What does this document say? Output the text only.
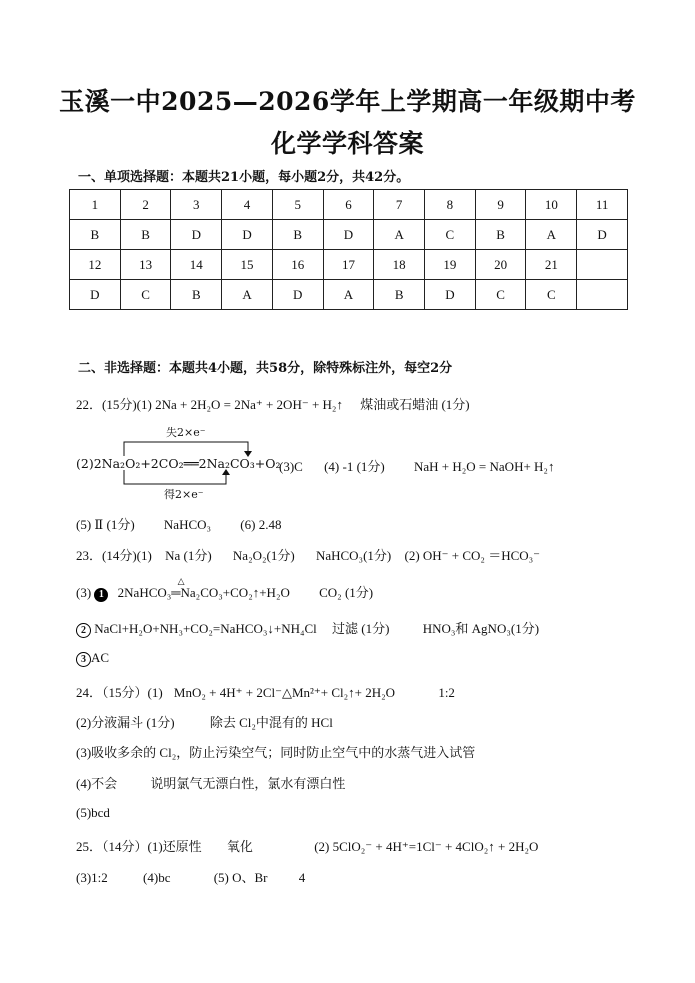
玉溪一中2025—2026学年上学期高一年级期中考
化学学科答案
一、单项选择题：本题共21小题，每小题2分，共42分。
1	2	3	4	5	6	7	8	9	10	11
B	B	D	D	B	D	A	C	B	A	D
12	13	14	15	16	17	18	19	20	21	
D	C	B	A	D	A	B	D	C	C	
二、非选择题：本题共4小题，共58分，除特殊标注外，每空2分
22．(15分)(1) 2Na + 2H₂O = 2Na⁺ + 2OH⁻ + H₂↑ 煤油或石蜡油 (1分)
失2×e⁻
(2)2Na₂O₂+2CO₂══2Na₂CO₃+O₂
得2×e⁻
(3)C (4) -1 (1分) NaH + H₂O = NaOH+ H₂↑
(5) Ⅱ (1分) NaHCO₃ (6) 2.48
23．(14分)(1) Na (1分) Na₂O₂(1分) NaHCO₃(1分) (2) OH⁻ + CO₂ ＝HCO₃⁻
(3) 1
△
2NaHCO₃═Na₂CO₃+CO₂↑+H₂O CO₂ (1分)
2 NaCl+H₂O+NH₃+CO₂=NaHCO₃↓+NH₄Cl 过滤 (1分)	HNO₃和 AgNO₃(1分)
3 AC
24．（15分）(1) MnO₂ + 4H⁺ + 2Cl⁻△Mn²⁺+ Cl₂↑+ 2H₂O	1:2
(2)分液漏斗 (1分)	除去 Cl₂中混有的 HCl
(3)吸收多余的 Cl₂，防止污染空气；同时防止空气中的水蒸气进入试管
(4)不会	说明氯气无漂白性，氯水有漂白性
(5)bcd
25．（14分）(1)还原性 氧化	(2) 5ClO₂⁻ + 4H⁺=1Cl⁻ + 4ClO₂↑ + 2H₂O
(3)1:2	(4)bc	(5) O、Br 4
